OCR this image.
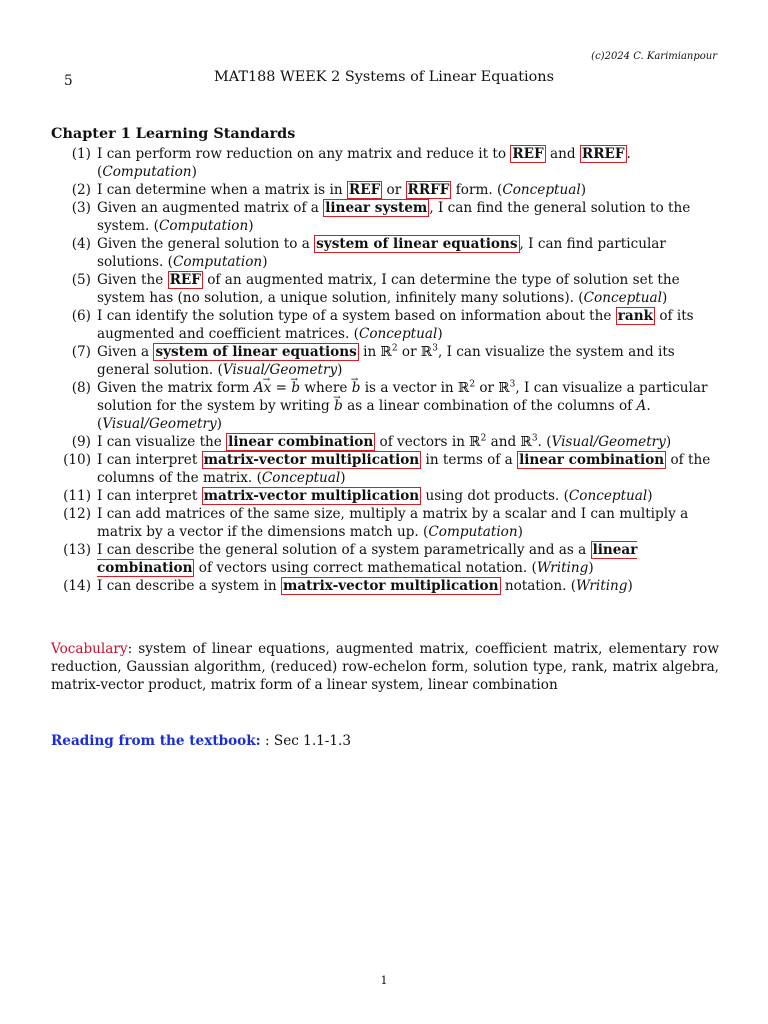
(c)2024 C. Karimianpour
5	MAT188 WEEK 2 Systems of Linear Equations
Chapter 1 Learning Standards
(1) I can perform row reduction on any matrix and reduce it to REF and RREF . (Computation)
(2) I can determine when a matrix is in REF or RRFF form. (Conceptual)
(3) Given an augmented matrix of a linear system , I can find the general solution to the system. (Computation)
(4) Given the general solution to a system of linear equations , I can find particular solutions. (Computation)
(5) Given the REF of an augmented matrix, I can determine the type of solution set the system has (no solution, a unique solution, infinitely many solutions). (Conceptual)
(6) I can identify the solution type of a system based on information about the rank of its augmented and coefficient matrices. (Conceptual)
(7) Given a system of linear equations in ℝ$^2$ or ℝ$^3$, I can visualize the system and its general solution. (Visual/Geometry)
(8) Given the matrix form A→ x = → b where → b is a vector in ℝ$^2$ or ℝ$^3$, I can visualize a particular solution for the system by writing → b as a linear combination of the columns of A. (Visual/Geometry)
(9) I can visualize the linear combination of vectors in ℝ$^2$ and ℝ$^3$. (Visual/Geometry)
(10) I can interpret matrix-vector multiplication in terms of a linear combination of the columns of the matrix. (Conceptual)
(11) I can interpret matrix-vector multiplication using dot products. (Conceptual)
(12) I can add matrices of the same size, multiply a matrix by a scalar and I can multiply a matrix by a vector if the dimensions match up. (Computation)
(13) I can describe the general solution of a system parametrically and as a linear combination of vectors using correct mathematical notation. (Writing)
(14) I can describe a system in matrix-vector multiplication notation. (Writing)
Vocabulary: system of linear equations, augmented matrix, coefficient matrix, elementary row reduction, Gaussian algorithm, (reduced) row-echelon form, solution type, rank, matrix algebra, matrix-vector product, matrix form of a linear system, linear combination
Reading from the textbook: : Sec 1.1-1.3
1
